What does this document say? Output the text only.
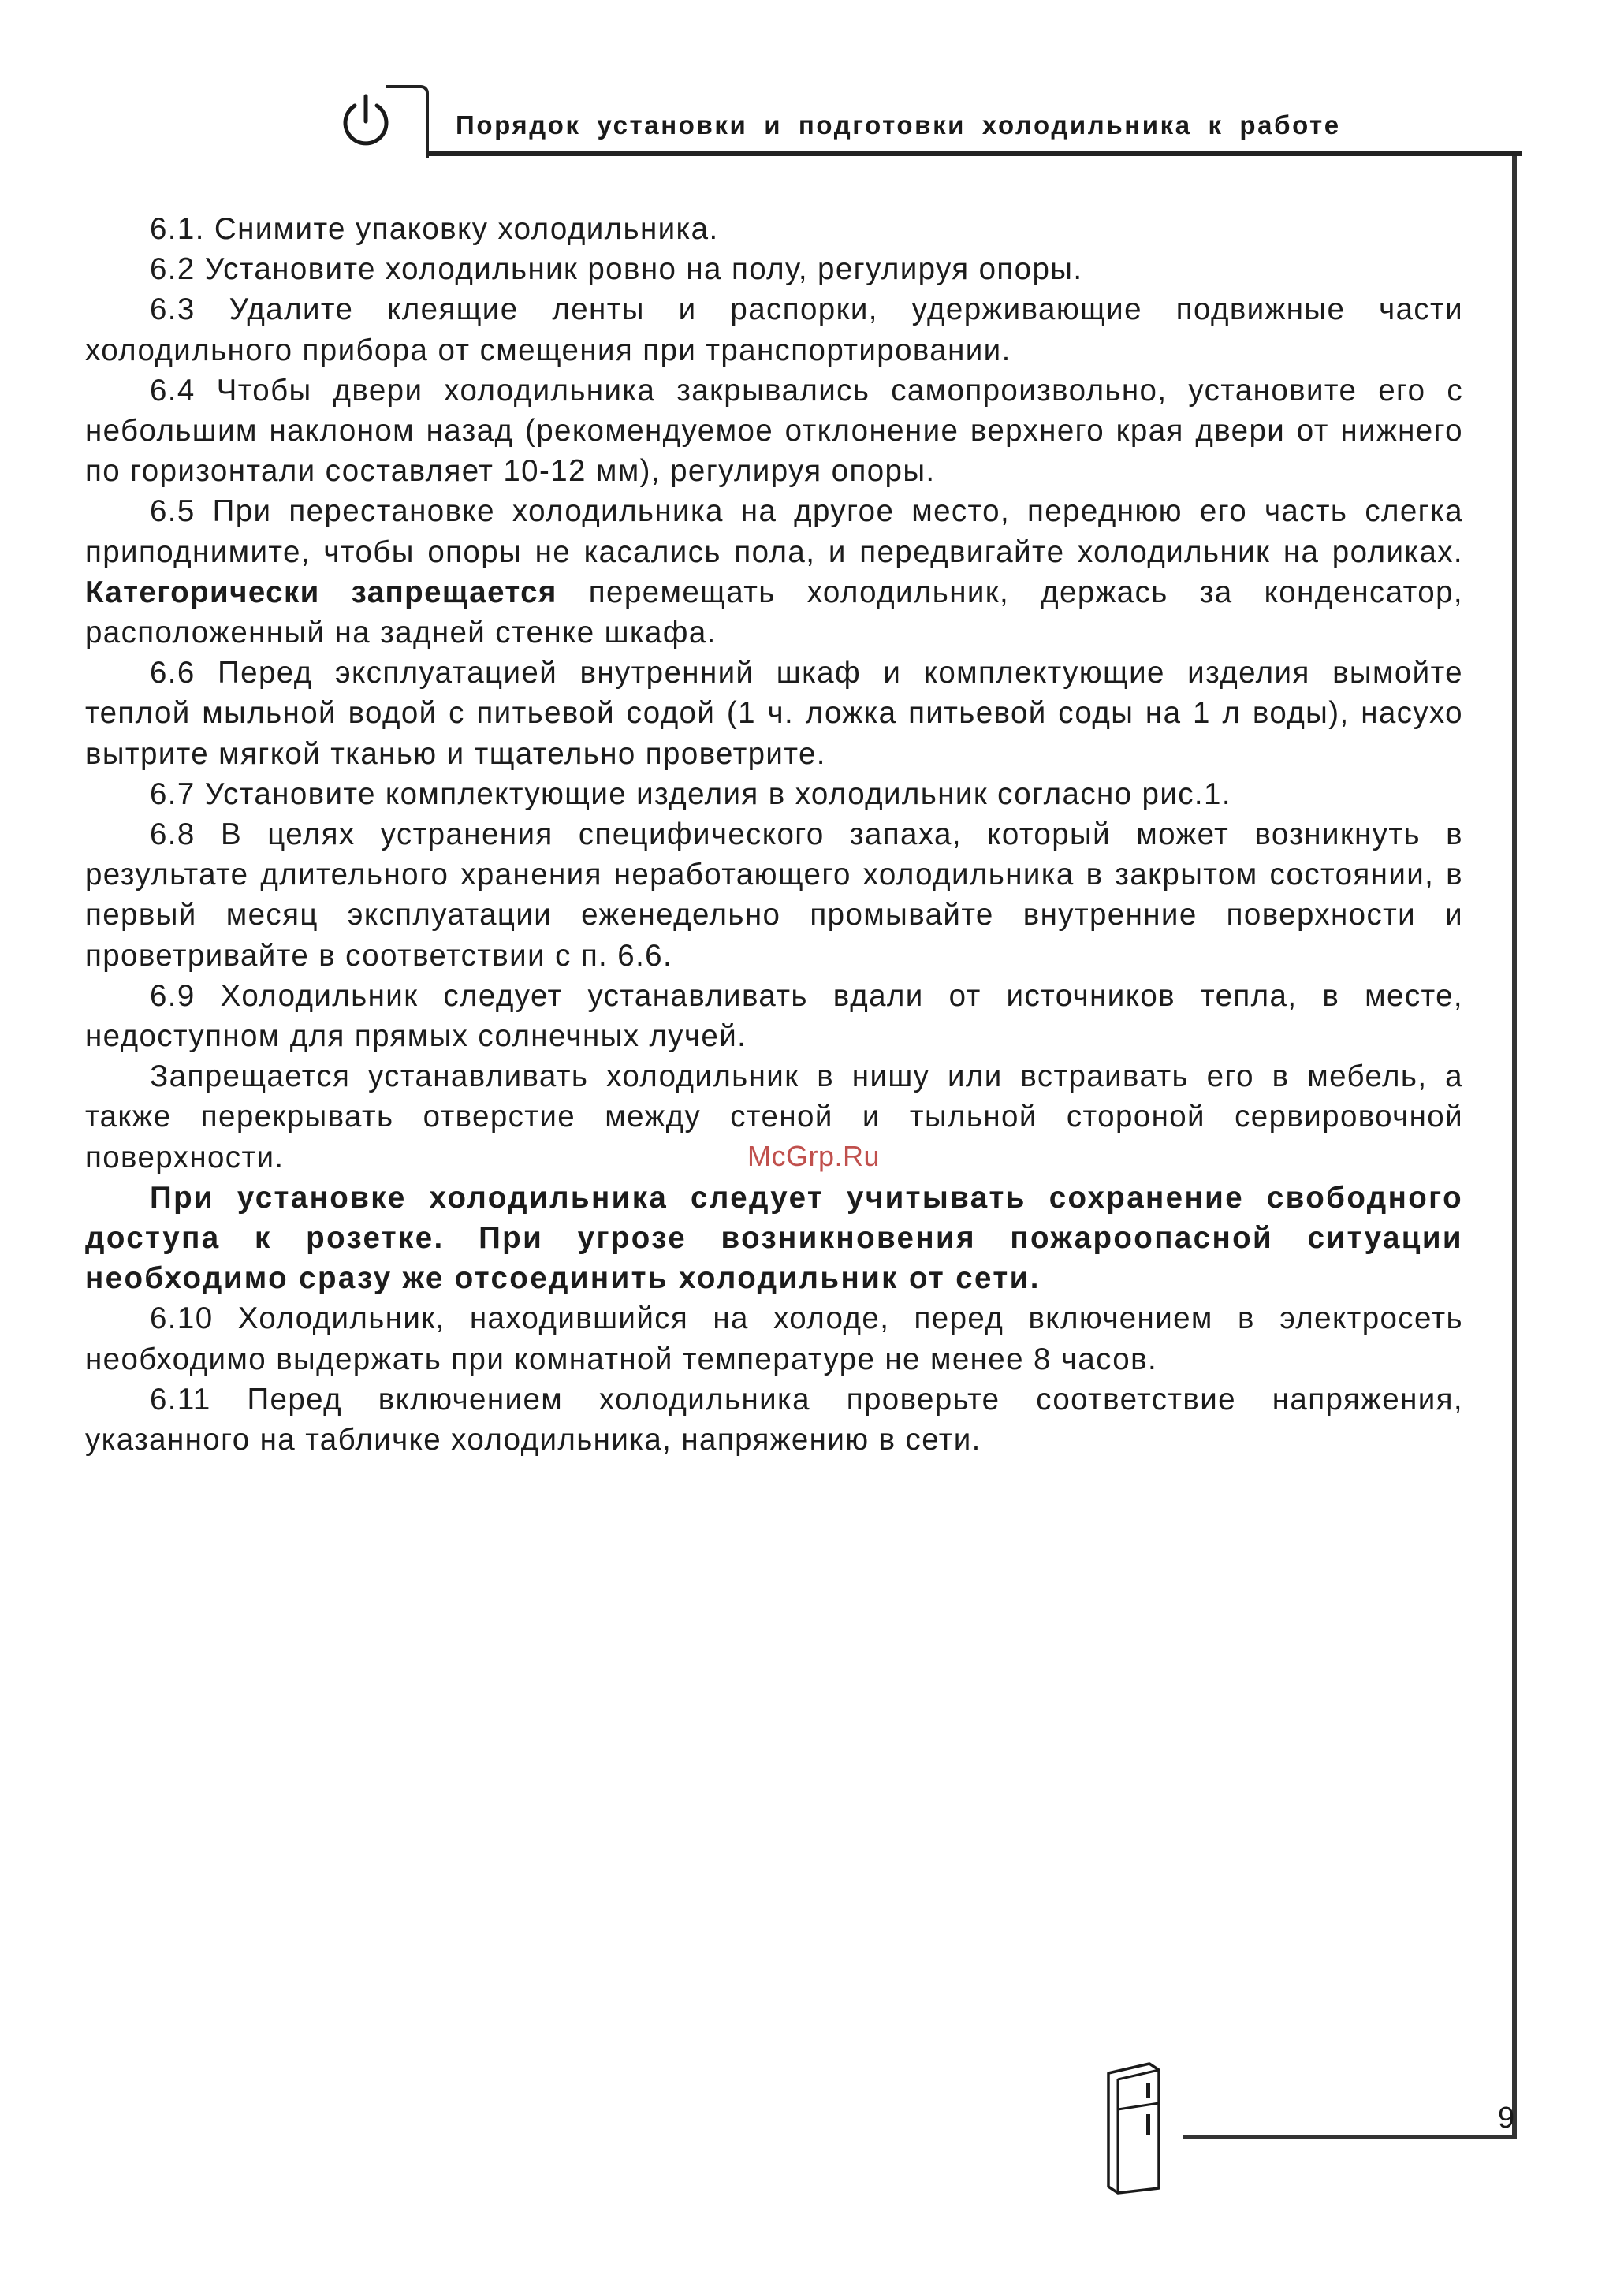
Порядок установки и подготовки холодильника к работе

6.1. Снимите упаковку холодильника.

6.2 Установите холодильник ровно на полу, регулируя опоры.

6.3 Удалите клеящие ленты и распорки, удерживающие подвижные части холодильного прибора от смещения при транспортировании.

6.4 Чтобы двери холодильника закрывались самопроизвольно, установите его с небольшим наклоном назад (рекомендуемое отклонение верхнего края двери от нижнего по горизонтали составляет 10-12 мм), регулируя опоры.

6.5 При перестановке холодильника на другое место, переднюю его часть слегка приподнимите, чтобы опоры не касались пола, и передвигайте холодильник на роликах. Категорически запрещается перемещать холодильник, держась за конденсатор, расположенный на задней стенке шкафа.

6.6 Перед эксплуатацией внутренний шкаф и комплектующие изделия вымойте теплой мыльной водой с питьевой содой (1 ч. ложка питьевой соды на 1 л воды), насухо вытрите мягкой тканью и тщательно проветрите.

6.7 Установите комплектующие изделия в холодильник согласно рис.1.

6.8 В целях устранения специфического запаха, который может возникнуть в результате длительного хранения неработающего холодильника в закрытом состоянии, в первый месяц эксплуатации еженедельно промывайте внутренние поверхности и проветривайте в соответствии с п. 6.6.

6.9 Холодильник следует устанавливать вдали от источников тепла, в месте, недоступном для прямых солнечных лучей.

Запрещается устанавливать холодильник в нишу или встраивать его в мебель, а также перекрывать отверстие между стеной и тыльной стороной сервировочной поверхности.

При установке холодильника следует учитывать сохранение свободного доступа к розетке. При угрозе возникновения пожароопасной ситуации необходимо сразу же отсоединить холодильник от сети.

6.10 Холодильник, находившийся на холоде, перед включением в электросеть необходимо выдержать при комнатной температуре не менее 8 часов.

6.11 Перед включением холодильника проверьте соответствие напряжения, указанного на табличке холодильника, напряжению в сети.

McGrp.Ru
9
